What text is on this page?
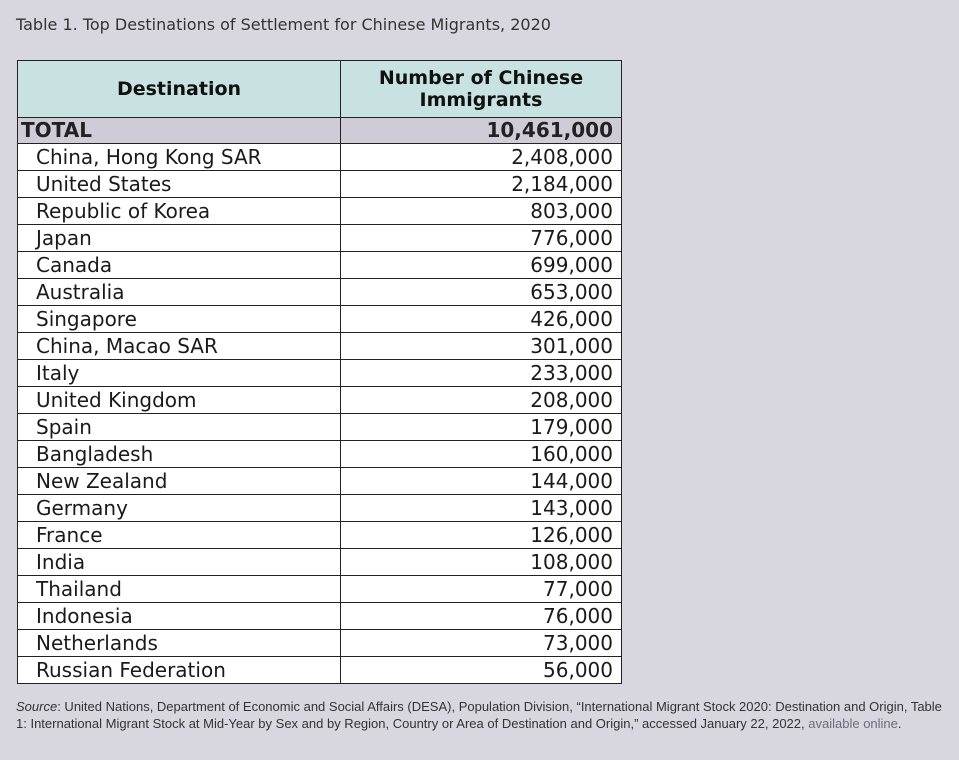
Table 1. Top Destinations of Settlement for Chinese Migrants, 2020
Destination	Number of Chinese
Immigrants
TOTAL	10,461,000
China, Hong Kong SAR	2,408,000
United States	2,184,000
Republic of Korea	803,000
Japan	776,000
Canada	699,000
Australia	653,000
Singapore	426,000
China, Macao SAR	301,000
Italy	233,000
United Kingdom	208,000
Spain	179,000
Bangladesh	160,000
New Zealand	144,000
Germany	143,000
France	126,000
India	108,000
Thailand	77,000
Indonesia	76,000
Netherlands	73,000
Russian Federation	56,000
Source: United Nations, Department of Economic and Social Affairs (DESA), Population Division, “International Migrant Stock 2020: Destination and Origin, Table 1: International Migrant Stock at Mid-Year by Sex and by Region, Country or Area of Destination and Origin,” accessed January 22, 2022, available online.
